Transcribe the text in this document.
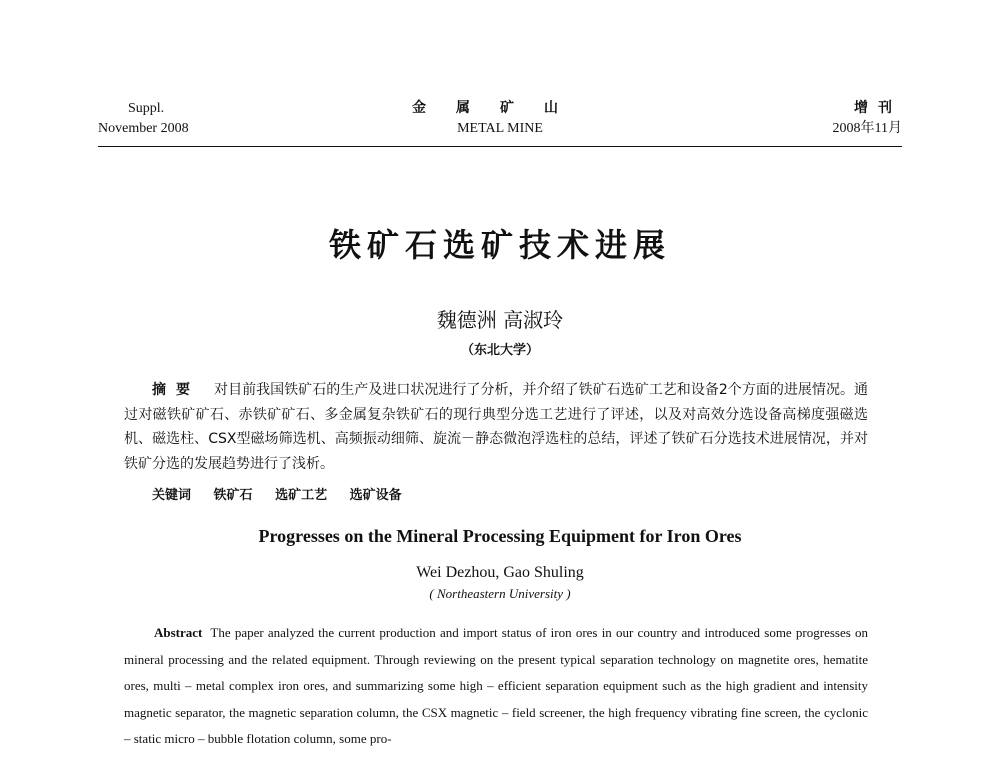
Suppl.
November 2008
金属矿山
METAL MINE
增刊
2008年11月
铁矿石选矿技术进展
魏德洲 高淑玲
（东北大学）
摘要 对目前我国铁矿石的生产及进口状况进行了分析，并介绍了铁矿石选矿工艺和设备2个方面的进展情况。通过对磁铁矿矿石、赤铁矿矿石、多金属复杂铁矿石的现行典型分选工艺进行了评述，以及对高效分选设备高梯度强磁选机、磁选柱、CSX型磁场筛选机、高频振动细筛、旋流－静态微泡浮选柱的总结，评述了铁矿石分选技术进展情况，并对铁矿分选的发展趋势进行了浅析。
关键词 铁矿石 选矿工艺 选矿设备
Progresses on the Mineral Processing Equipment for Iron Ores
Wei Dezhou, Gao Shuling
( Northeastern University )
Abstract The paper analyzed the current production and import status of iron ores in our country and introduced some progresses on mineral processing and the related equipment. Through reviewing on the present typical separation technology on magnetite ores, hematite ores, multi – metal complex iron ores, and summarizing some high – efficient separation equipment such as the high gradient and intensity magnetic separator, the magnetic separation column, the CSX magnetic – field screener, the high frequency vibrating fine screen, the cyclonic – static micro – bubble flotation column, some pro-
